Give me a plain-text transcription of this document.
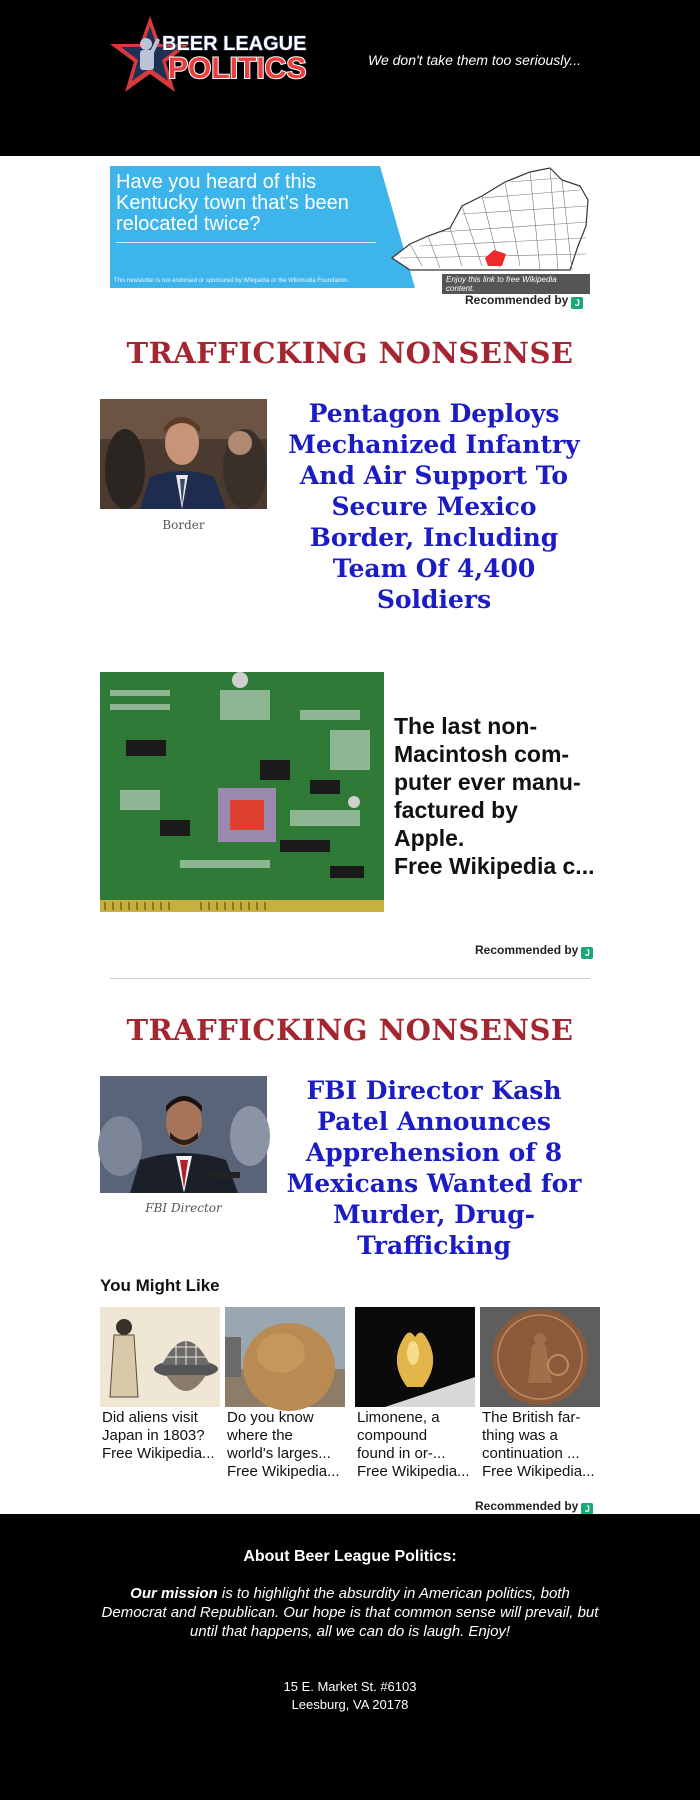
BEER LEAGUE
POLITICS	We don't take them too seriously...
Have you heard of this Kentucky town that's been relocated twice?
This newsletter is not endorsed or sponsored by Wikipedia or the Wikimedia Foundation.	Enjoy this link to free Wikipedia content.
Recommended by J
TRAFFICKING NONSENSE
Border
Pentagon Deploys Mechanized Infantry And Air Support To Secure Mexico Border, Including Team Of 4,400 Soldiers
The last non-
Macintosh com-
puter ever manu-
factured by
Apple.
Free Wikipedia c...
Recommended by J
TRAFFICKING NONSENSE
FBI Director
FBI Director Kash Patel Announces Apprehension of 8 Mexicans Wanted for Murder, Drug-Trafficking
You Might Like
Did aliens visit
Japan in 1803?
Free Wikipedia...
Do you know
where the
world's larges...
Free Wikipedia...
Limonene, a
compound
found in or-...
Free Wikipedia...
The British far-
thing was a
continuation ...
Free Wikipedia...
Recommended by J
About Beer League Politics:
Our mission is to highlight the absurdity in American politics, both Democrat and Republican. Our hope is that common sense will prevail, but until that happens, all we can do is laugh. Enjoy!
15 E. Market St. #6103
Leesburg, VA 20178
